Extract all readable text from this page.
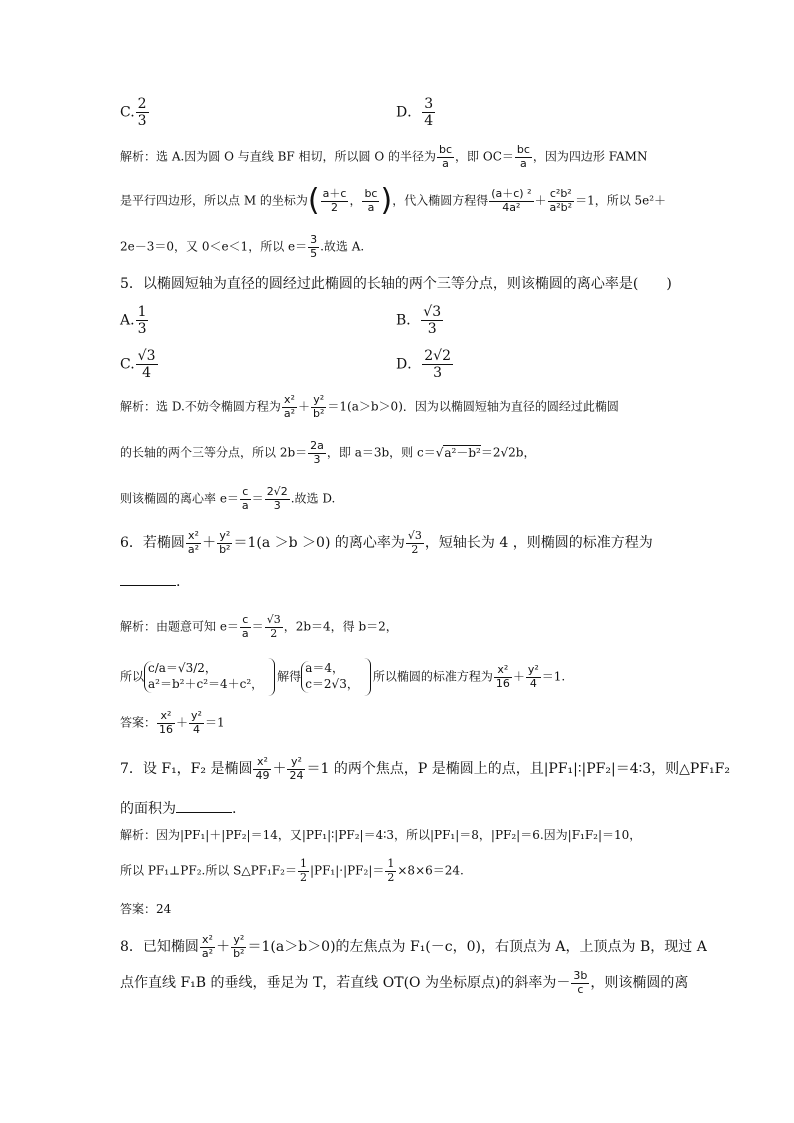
C. $\frac{2}{3}$	D． $\frac{3}{4}$
解析：选 A.因为圆 O 与直线 BF 相切，所以圆 O 的半径为 $\frac{bc}{a}$ ，即 $OC= \frac{bc}{a}$ ，因为四边形 FAMN
是平行四边形，所以点 M 的坐标为( $\frac{a+c}{2}$ ， $\frac{bc}{a}$ )，代入椭圆方程得 $\frac{\text{(a＋c) ²}}{\text{4a²}} + \frac{\text{c²b²}}{\text{a²b²}} =1$，所以 5e²＋
2e－3＝0，又 0＜e＜1，所以 $e= \frac{3}{5}$ .故选 A.
5．以椭圆短轴为直径的圆经过此椭圆的长轴的两个三等分点，则该椭圆的离心率是(　　)
A. $\frac{1}{3}$	B． $\frac{√3}{3}$
C. $\frac{√3}{4}$	D． $\frac{2√2}{3}$
解析：选 D.不妨令椭圆方程为 $\frac{\text{x²}}{\text{a²}} + \frac{\text{y²}}{\text{b²}} =1(a>b>0)$．因为以椭圆短轴为直径的圆经过此椭圆
的长轴的两个三等分点，所以 $2b= \frac{2a}{3}$ ，即 a＝3b，则 c＝√a²－b²＝2√2b，
则该椭圆的离心率 $e= \frac{c}{a} = \frac{2√2}{3}$ .故选 D.
6．若椭圆 $\frac{\text{x²}}{\text{a²}} + \frac{\text{y²}}{\text{b²}} =1(a >b >0)$ 的离心率为 $\frac{√3}{2}$ ，短轴长为 4 ，则椭圆的标准方程为
.
解析：由题意可知 $e= \frac{c}{a} = \frac{√3}{2}$ ，2b＝4，得 b＝2，
所以
c/a＝√3/2，
a²＝b²＋c²＝4＋c²，
解得
a＝4，
c＝2√3，
所以椭圆的标准方程为 $\frac{\text{x²}}{16} + \frac{\text{y²}}{4} =1$.
答案： $\frac{\text{x²}}{16} + \frac{\text{y²}}{4} =1$
7．设 F₁，F₂ 是椭圆 $\frac{\text{x²}}{49} + \frac{\text{y²}}{24} =1$ 的两个焦点，P 是椭圆上的点，且|PF₁|∶|PF₂|＝4∶3，则△PF₁F₂
的面积为	.
解析：因为|PF₁|＋|PF₂|＝14，又|PF₁|∶|PF₂|＝4∶3，所以|PF₁|＝8，|PF₂|＝6.因为|F₁F₂|＝10，
所以 PF₁⊥PF₂.所以 S△PF₁F₂＝ $\frac{1}{2} |PF_1|\cdot|PF_2|= \frac{1}{2} \times 8\times 6=24$.
答案：24
8．已知椭圆 $\frac{\text{x²}}{\text{a²}} + \frac{\text{y²}}{\text{b²}} =1(a>b>0)$的左焦点为 F₁(－c，0)，右顶点为 A，上顶点为 B，现过 A
点作直线 F₁B 的垂线，垂足为 T，若直线 OT(O 为坐标原点)的斜率为－ $\frac{3b}{c}$ ，则该椭圆的离
